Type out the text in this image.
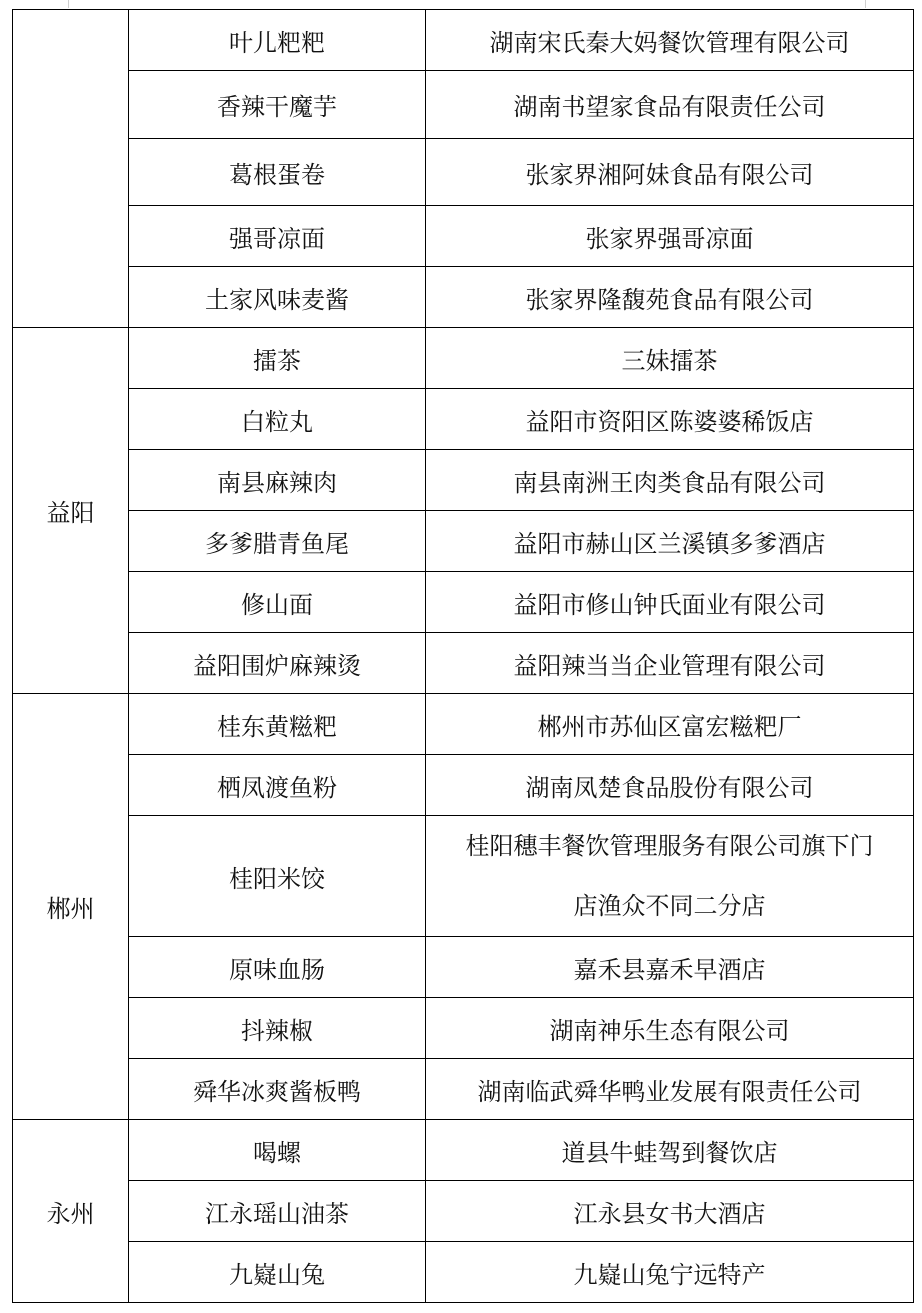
	叶儿粑粑	湖南宋氏秦大妈餐饮管理有限公司
	香辣干魔芋	湖南书望家食品有限责任公司
	葛根蛋卷	张家界湘阿妹食品有限公司
	强哥凉面	张家界强哥凉面
	土家风味麦酱	张家界隆馥苑食品有限公司
益阳	擂茶	三妹擂茶
	白粒丸	益阳市资阳区陈婆婆稀饭店
	南县麻辣肉	南县南洲王肉类食品有限公司
	多爹腊青鱼尾	益阳市赫山区兰溪镇多爹酒店
	修山面	益阳市修山钟氏面业有限公司
	益阳围炉麻辣烫	益阳辣当当企业管理有限公司
郴州	桂东黄糍粑	郴州市苏仙区富宏糍粑厂
	栖凤渡鱼粉	湖南凤楚食品股份有限公司
	桂阳米饺	桂阳穗丰餐饮管理服务有限公司旗下门
店渔众不同二分店

	原味血肠	嘉禾县嘉禾早酒店
	抖辣椒	湖南神乐生态有限公司
	舜华冰爽酱板鸭	湖南临武舜华鸭业发展有限责任公司
永州	喝螺	道县牛蛙驾到餐饮店
	江永瑶山油茶	江永县女书大酒店
	九嶷山兔	九嶷山兔宁远特产
